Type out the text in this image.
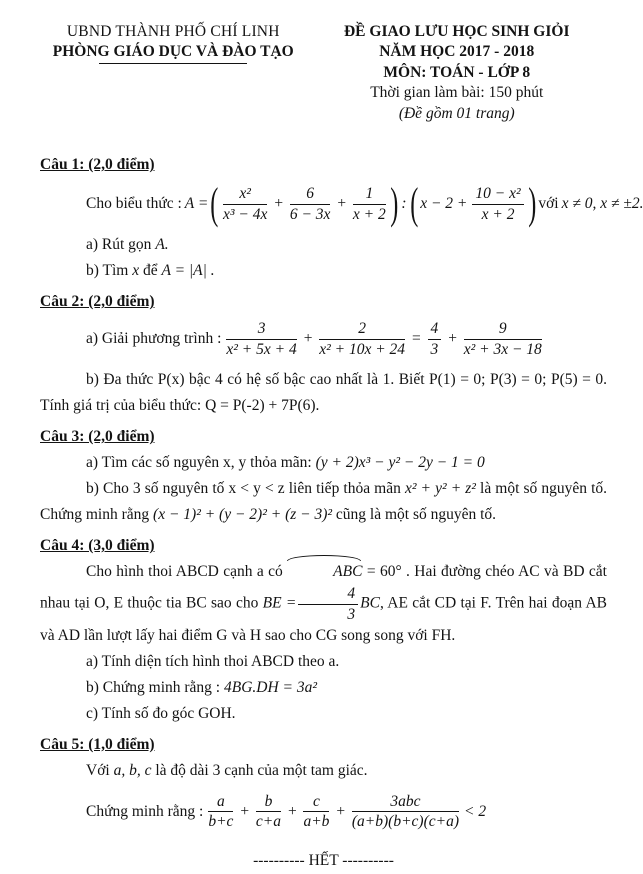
UBND THÀNH PHỐ CHÍ LINH
PHÒNG GIÁO DỤC VÀ ĐÀO TẠO
ĐỀ GIAO LƯU HỌC SINH GIỎI
NĂM HỌC 2017 - 2018
MÔN: TOÁN - LỚP 8
Thời gian làm bài: 150 phút
(Đề gồm 01 trang)
Câu 1: (2,0 điểm)
Cho biểu thức : A = ( $\frac{\text{x²}}{\text{x³ − 4x}} + \frac{6}{6 - 3x} + \frac{1}{x + 2}$ ) : ( $x - 2 + \frac{\text{10 − x²}}{x + 2}$ ) với x ≠ 0, x ≠ ±2.

a) Rút gọn A.

b) Tìm x để A = |A| .

Câu 2: (2,0 điểm)
a) Giải phương trình : $\frac{3}{\text{x² + 5x + 4}} + \frac{2}{\text{x² + 10x + 24}} = \frac{4}{3} + \frac{9}{\text{x² + 3x − 18}}$

b) Đa thức P(x) bậc 4 có hệ số bậc cao nhất là 1. Biết P(1) = 0; P(3) = 0; P(5) = 0. Tính giá trị của biểu thức: Q = P(-2) + 7P(6).

Câu 3: (2,0 điểm)

a) Tìm các số nguyên x, y thỏa mãn: (y + 2)x³ − y² − 2y − 1 = 0

b) Cho 3 số nguyên tố x < y < z liên tiếp thỏa mãn x² + y² + z² là một số nguyên tố. Chứng minh rằng (x − 1)² + (y − 2)² + (z − 3)² cũng là một số nguyên tố.

Câu 4: (3,0 điểm)

Cho hình thoi ABCD cạnh a có	ABC = 60° . Hai đường chéo AC và BD cắt nhau tại O, E thuộc tia BC sao cho BE = $\frac{4}{3}$ BC, AE cắt CD tại F. Trên hai đoạn AB và AD lần lượt lấy hai điểm G và H sao cho CG song song với FH.

a) Tính diện tích hình thoi ABCD theo a.

b) Chứng minh rằng : 4BG.DH = 3a²

c) Tính số đo góc GOH.

Câu 5: (1,0 điểm)

Với a, b, c là độ dài 3 cạnh của một tam giác.

Chứng minh rằng : $\frac{a}{b+c} + \frac{b}{c+a} + \frac{c}{a+b} + \frac{\text{3abc}}{(a+b)(b+c)(c+a)} < 2$

---------- HẾT ----------
